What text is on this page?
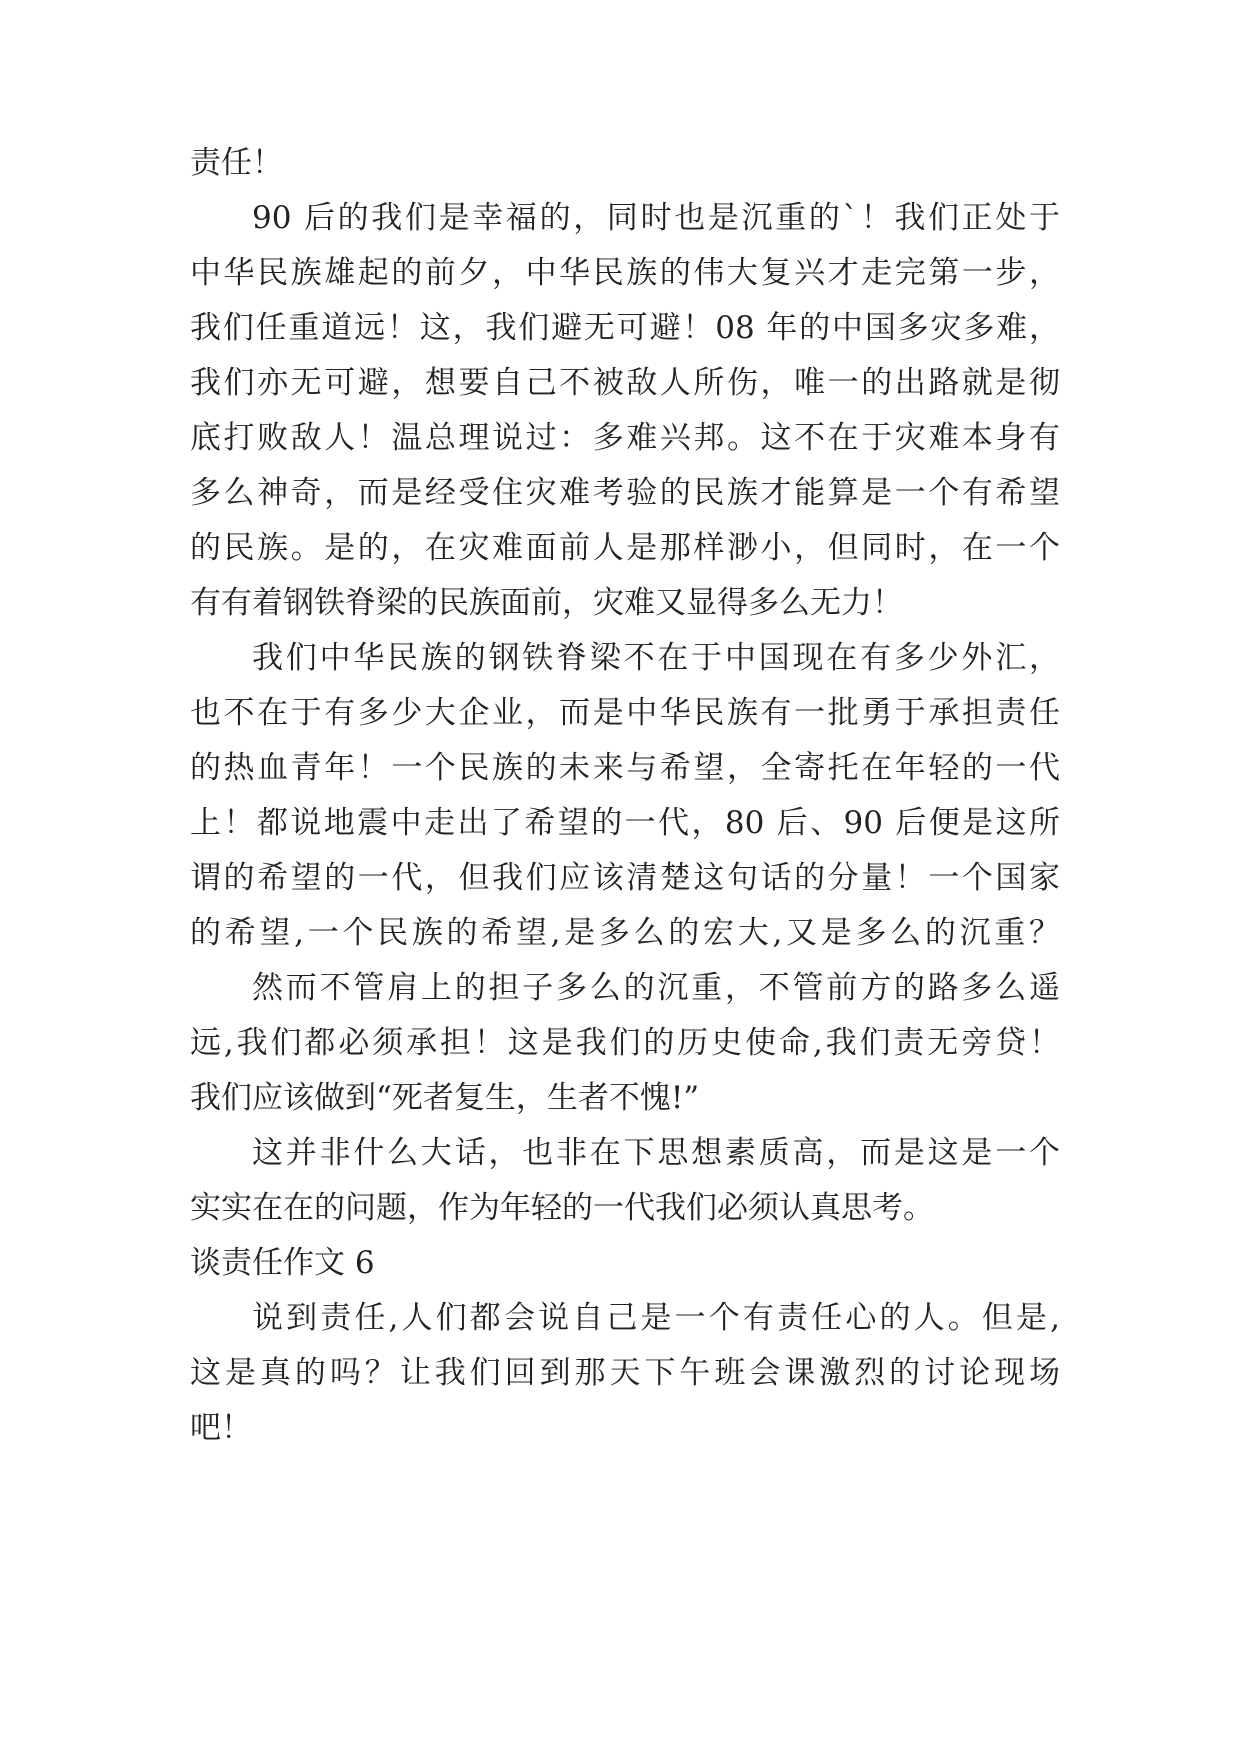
责任！
90 后的我们是幸福的，同时也是沉重的`！我们正处于
中华民族雄起的前夕，中华民族的伟大复兴才走完第一步，
我们任重道远！这，我们避无可避！08 年的中国多灾多难，
我们亦无可避，想要自己不被敌人所伤，唯一的出路就是彻
底打败敌人！温总理说过：多难兴邦。这不在于灾难本身有
多么神奇，而是经受住灾难考验的民族才能算是一个有希望
的民族。是的，在灾难面前人是那样渺小，但同时，在一个
有有着钢铁脊梁的民族面前，灾难又显得多么无力！
我们中华民族的钢铁脊梁不在于中国现在有多少外汇，
也不在于有多少大企业，而是中华民族有一批勇于承担责任
的热血青年！一个民族的未来与希望，全寄托在年轻的一代
上！都说地震中走出了希望的一代，80 后、90 后便是这所
谓的希望的一代，但我们应该清楚这句话的分量！一个国家
的希望,一个民族的希望,是多么的宏大,又是多么的沉重？
然而不管肩上的担子多么的沉重，不管前方的路多么遥
远,我们都必须承担！这是我们的历史使命,我们责无旁贷！
我们应该做到“死者复生，生者不愧!”
这并非什么大话，也非在下思想素质高，而是这是一个
实实在在的问题，作为年轻的一代我们必须认真思考。
谈责任作文 6
说到责任,人们都会说自己是一个有责任心的人。但是,
这是真的吗？让我们回到那天下午班会课激烈的讨论现场
吧！
